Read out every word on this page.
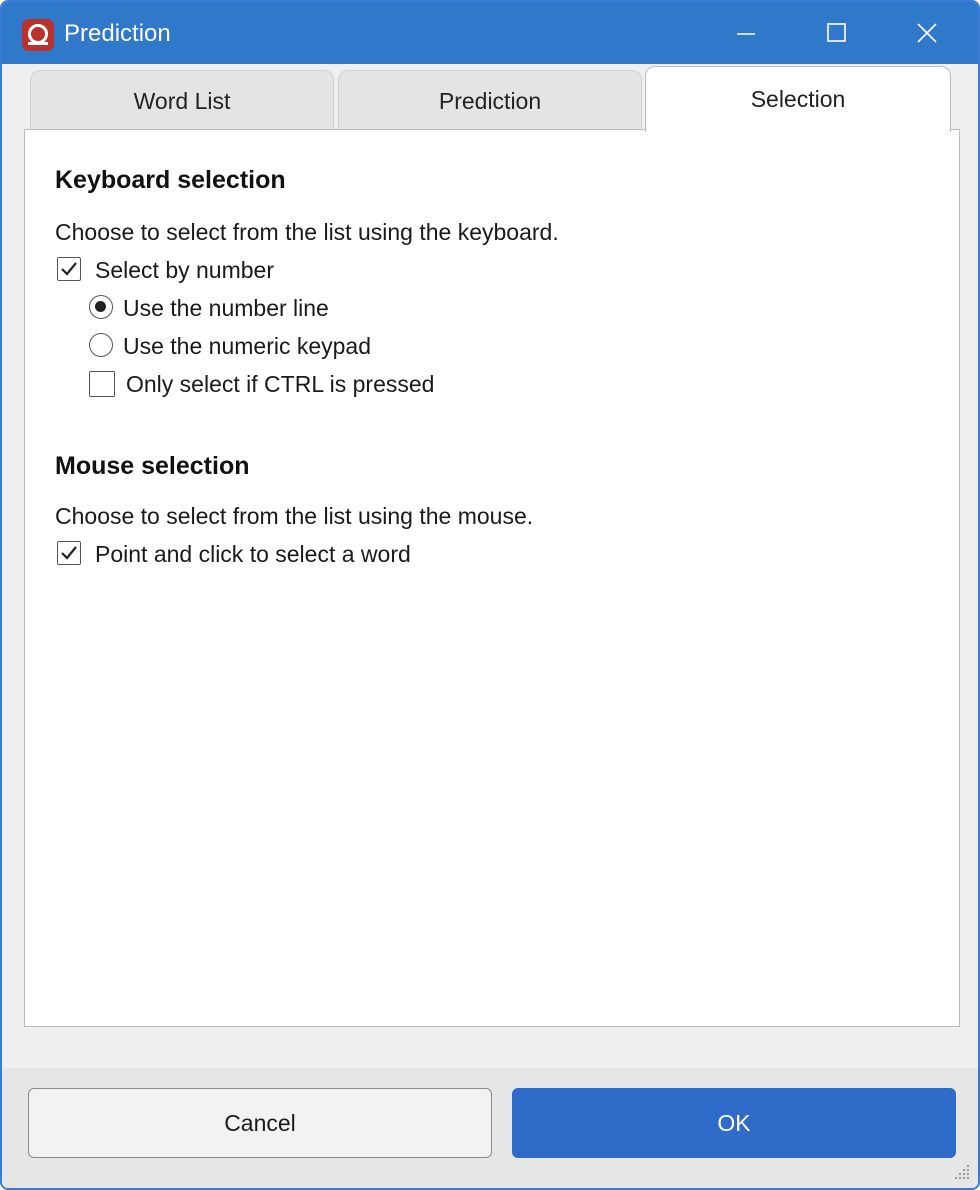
Prediction
Word List	Prediction	Selection
Keyboard selection
Choose to select from the list using the keyboard.
Select by number
Use the number line
Use the numeric keypad
Only select if CTRL is pressed
Mouse selection
Choose to select from the list using the mouse.
Point and click to select a word
Cancel	OK
